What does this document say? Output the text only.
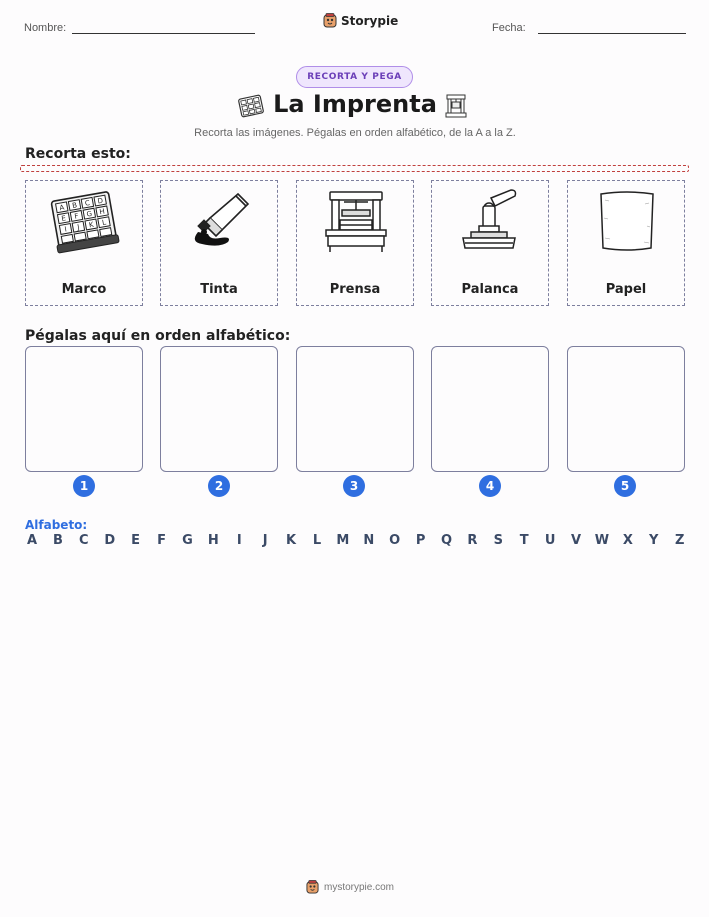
Nombre:
Storypie
Fecha:
RECORTA Y PEGA
La Imprenta
Recorta las imágenes. Pégalas en orden alfabético, de la A a la Z.
Recorta esto:
A B C D
E F G H
I J K L
Marco	Tinta	Prensa	Palanca	Papel
Pégalas aquí en orden alfabético:
1	2	3	4	5
Alfabeto:
A B C D E F G H	I	J	K L M N O P Q R S T U V W X Y Z
mystorypie.com
